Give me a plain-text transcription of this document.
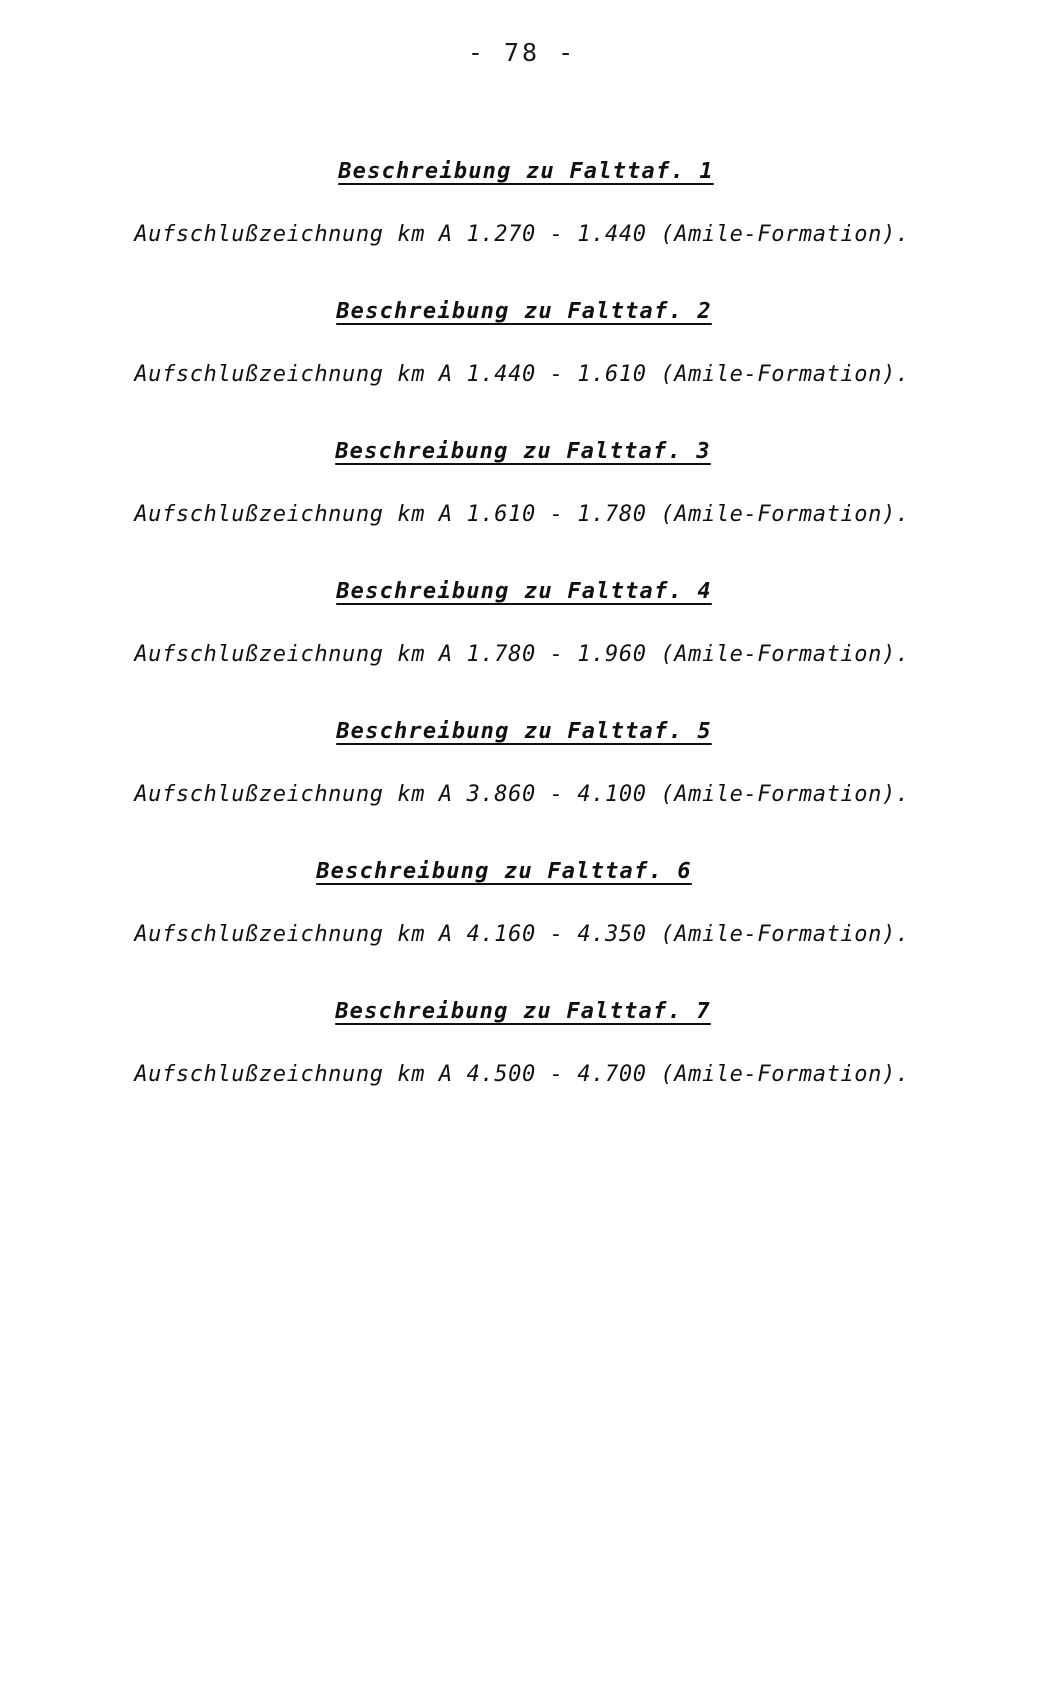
- 78 -
Beschreibung zu Falttaf. 1
Aufschlußzeichnung km A 1.270 - 1.440 (Amile-Formation).
Beschreibung zu Falttaf. 2
Aufschlußzeichnung km A 1.440 - 1.610 (Amile-Formation).
Beschreibung zu Falttaf. 3
Aufschlußzeichnung km A 1.610 - 1.780 (Amile-Formation).
Beschreibung zu Falttaf. 4
Aufschlußzeichnung km A 1.780 - 1.960 (Amile-Formation).
Beschreibung zu Falttaf. 5
Aufschlußzeichnung km A 3.860 - 4.100 (Amile-Formation).
Beschreibung zu Falttaf. 6
Aufschlußzeichnung km A 4.160 - 4.350 (Amile-Formation).
Beschreibung zu Falttaf. 7
Aufschlußzeichnung km A 4.500 - 4.700 (Amile-Formation).
